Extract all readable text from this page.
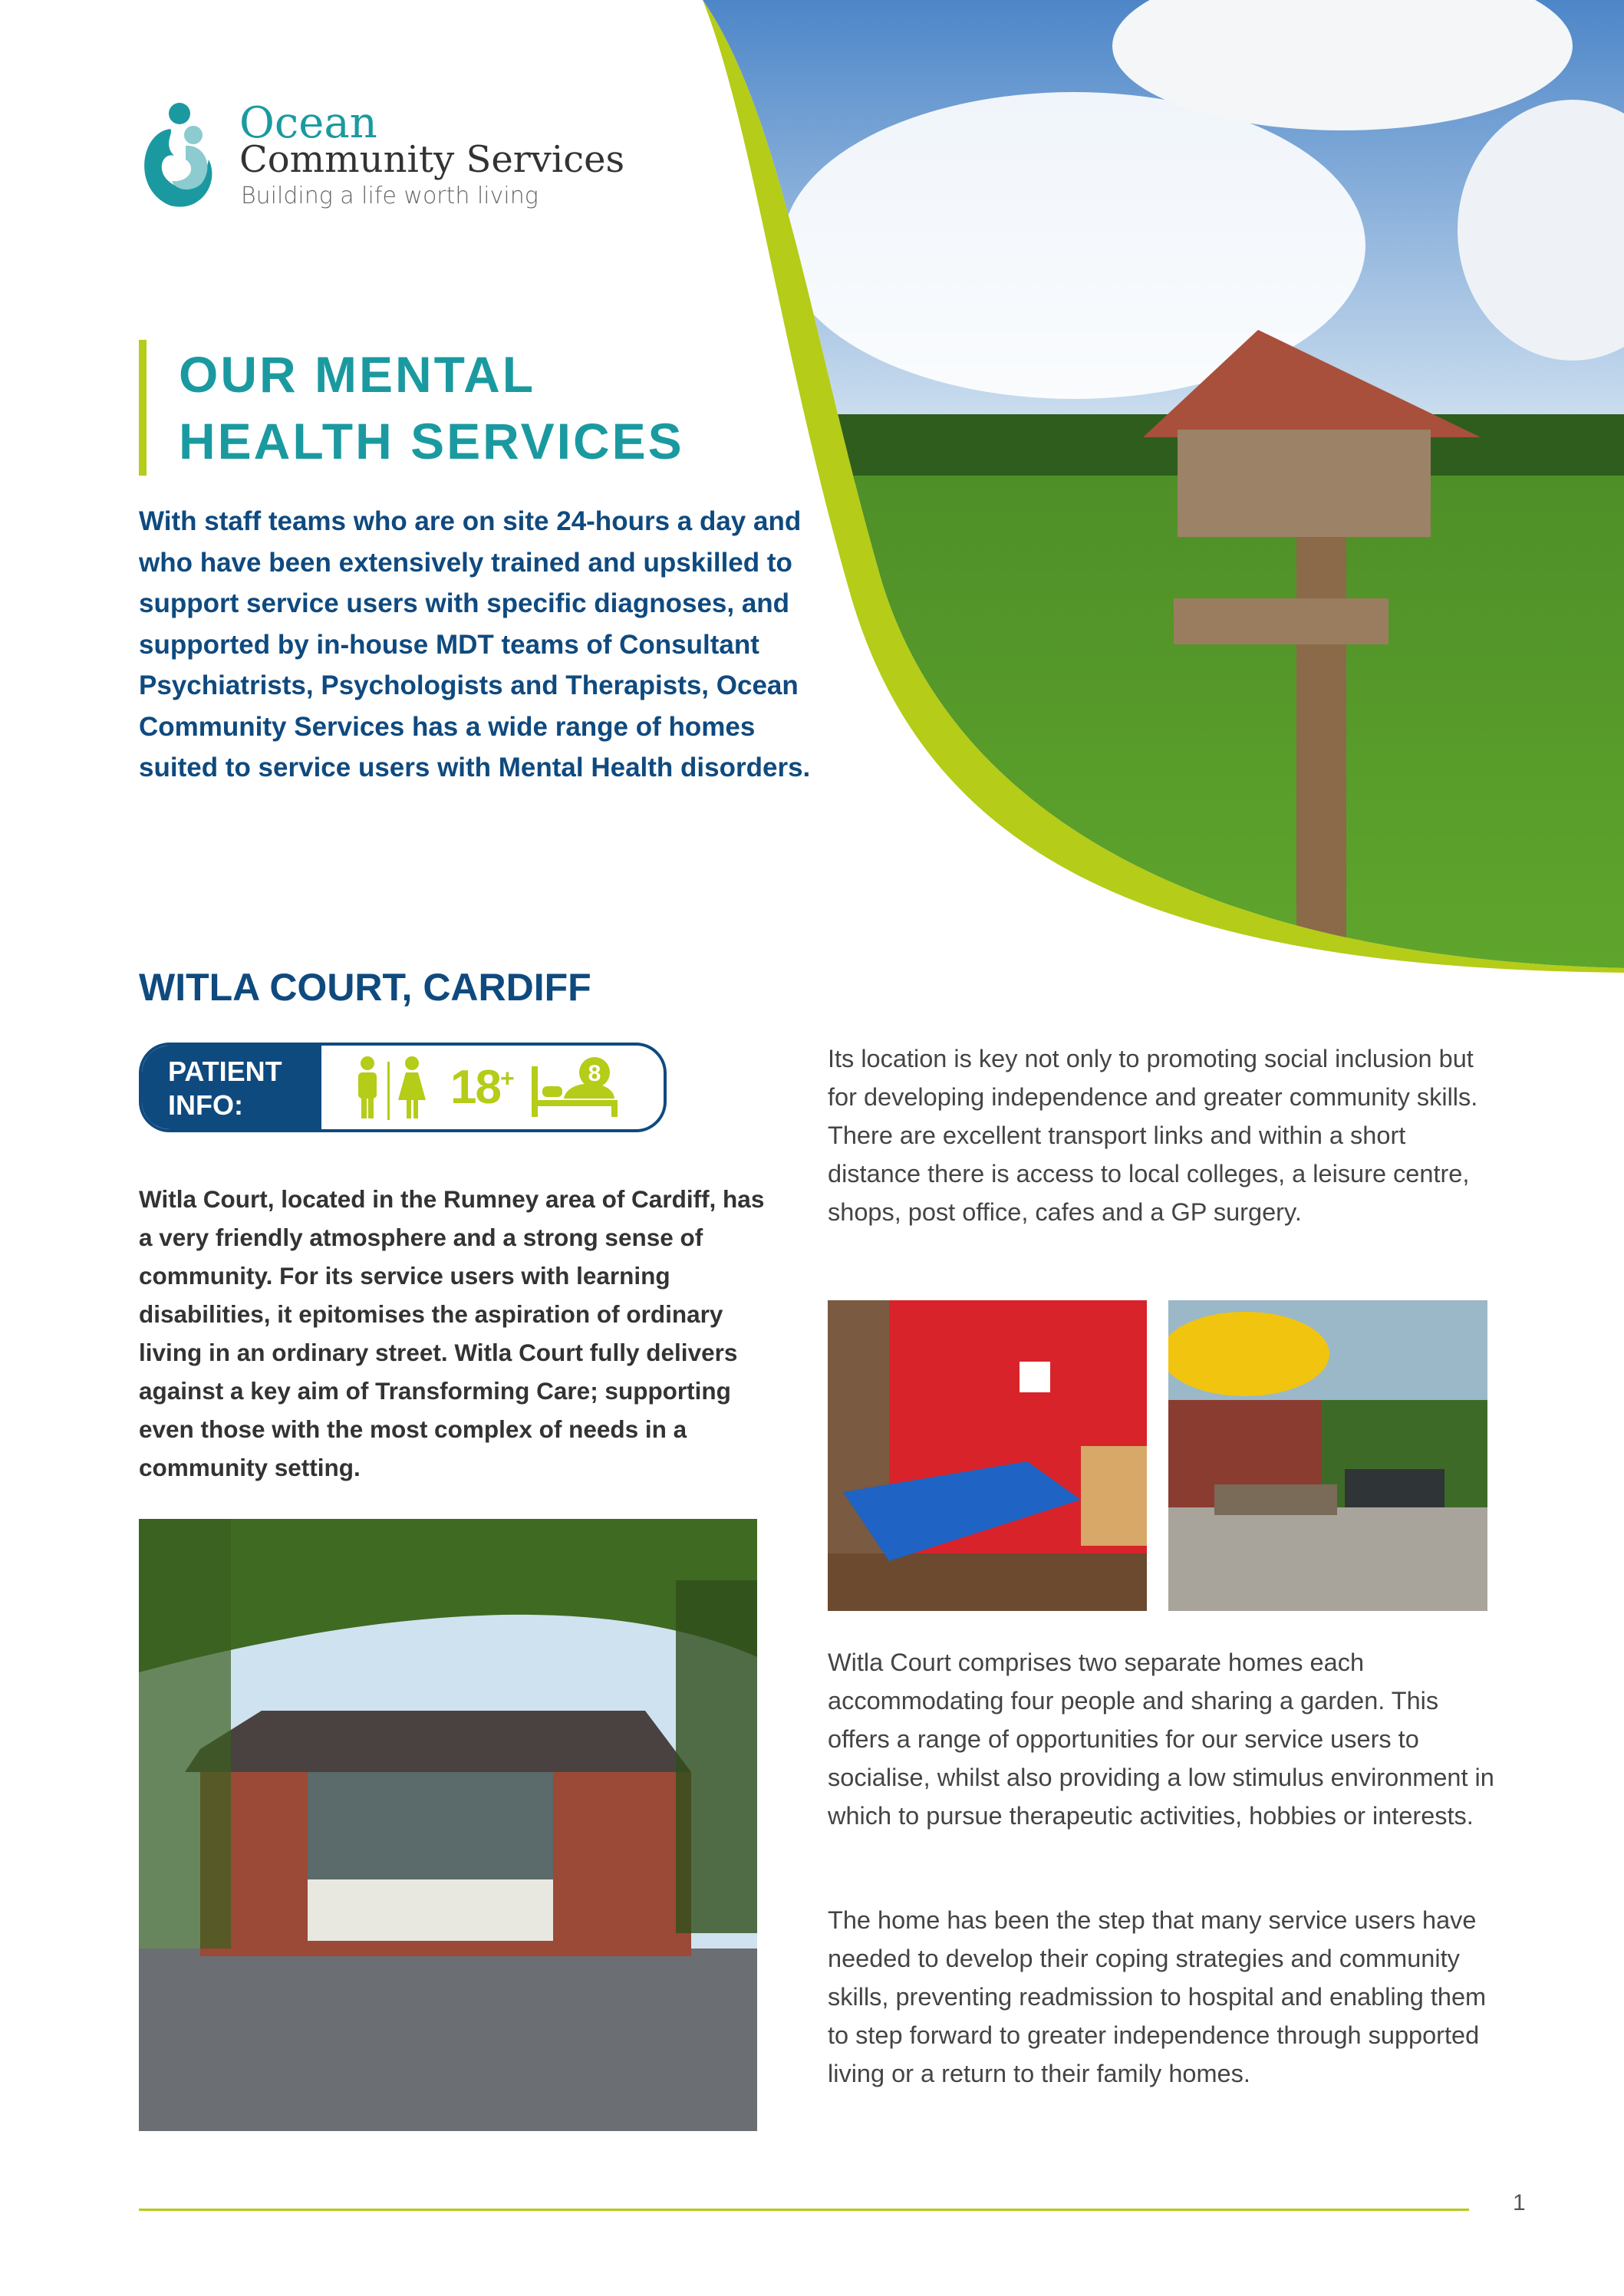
Ocean
Community Services
Building a life worth living
OUR MENTAL
HEALTH SERVICES

With staff teams who are on site 24-hours a day and who have been extensively trained and upskilled to support service users with specific diagnoses, and supported by in-house MDT teams of Consultant Psychiatrists, Psychologists and Therapists, Ocean Community Services has a wide range of homes suited to service users with Mental Health disorders.

WITLA COURT, CARDIFF
PATIENT
INFO:	18+	8

Witla Court, located in the Rumney area of Cardiff, has a very friendly atmosphere and a strong sense of community. For its service users with learning disabilities, it epitomises the aspiration of ordinary living in an ordinary street. Witla Court fully delivers against a key aim of Transforming Care; supporting even those with the most complex of needs in a community setting.

Its location is key not only to promoting social inclusion but for developing independence and greater community skills. There are excellent transport links and within a short distance there is access to local colleges, a leisure centre, shops, post office, cafes and a GP surgery.

Witla Court comprises two separate homes each accommodating four people and sharing a garden. This offers a range of opportunities for our service users to socialise, whilst also providing a low stimulus environment in which to pursue therapeutic activities, hobbies or interests.

The home has been the step that many service users have needed to develop their coping strategies and community skills, preventing readmission to hospital and enabling them to step forward to greater independence through supported living or a return to their family homes.

1
